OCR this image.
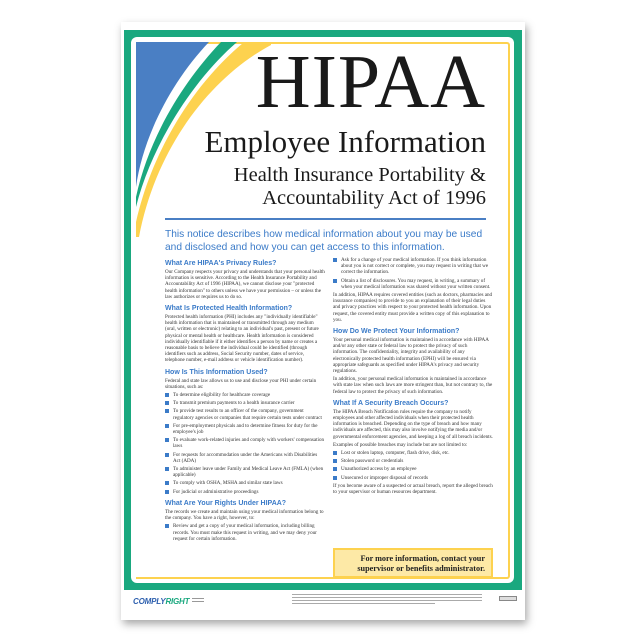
HIPAA
Employee Information
Health Insurance Portability &
Accountability Act of 1996
This notice describes how medical information about you may be used and disclosed and how you can get access to this information.
What Are HIPAA's Privacy Rules?

Our Company respects your privacy and understands that your personal health information is sensitive. According to the Health Insurance Portability and Accountability Act of 1996 (HIPAA), we cannot disclose your "protected health information" to others unless we have your permission – or unless the law authorizes or requires us to do so.

What Is Protected Health Information?

Protected health information (PHI) includes any "individually identifiable" health information that is maintained or transmitted through any medium (oral, written or electronic) relating to an individual's past, present or future physical or mental health or healthcare. Health information is considered individually identifiable if it either identifies a person by name or creates a reasonable basis to believe the individual could be identified (through identifiers such as address, Social Security number, dates of service, telephone number, e-mail address or vehicle identification number).

How Is This Information Used?

Federal and state law allows us to use and disclose your PHI under certain situations, such as:

To determine eligibility for healthcare coverage
To transmit premium payments to a health insurance carrier
To provide test results to an officer of the company, government regulatory agencies or companies that require certain tests under contract
For pre-employment physicals and to determine fitness for duty for the employee's job
To evaluate work-related injuries and comply with workers' compensation laws
For requests for accommodation under the Americans with Disabilities Act (ADA)
To administer leave under Family and Medical Leave Act (FMLA) (when applicable)
To comply with OSHA, MSHA and similar state laws
For judicial or administrative proceedings
What Are Your Rights Under HIPAA?

The records we create and maintain using your medical information belong to the company. You have a right, however, to:

Review and get a copy of your medical information, including billing records. You must make this request in writing, and we may deny your request for certain information.
Ask for a change of your medical information. If you think information about you is not correct or complete, you may request in writing that we correct the information.
Obtain a list of disclosures. You may request, in writing, a summary of when your medical information was shared without your written consent.

In addition, HIPAA requires covered entities (such as doctors, pharmacies and insurance companies) to provide to you an explanation of their legal duties and privacy practices with respect to your protected health information. Upon request, the covered entity must provide a written copy of this explanation to you.

How Do We Protect Your Information?

Your personal medical information is maintained in accordance with HIPAA and/or any other state or federal law to protect the privacy of such information. The confidentiality, integrity and availability of any electronically protected health information (EPHI) will be ensured via appropriate safeguards as specified under HIPAA's privacy and security regulations.

In addition, your personal medical information is maintained in accordance with state law when such laws are more stringent than, but not contrary to, the federal law to protect the privacy of such information.

What If A Security Breach Occurs?

The HIPAA Breach Notification rules require the company to notify employees and other affected individuals when their protected health information is breached. Depending on the type of breach and how many individuals are affected, this may also involve notifying the media and/or governmental enforcement agencies, and keeping a log of all breach incidents.

Examples of possible breaches may include but are not limited to:

Lost or stolen laptop, computer, flash drive, disk, etc.
Stolen password or credentials
Unauthorized access by an employee
Unsecured or improper disposal of records

If you become aware of a suspected or actual breach, report the alleged breach to your supervisor or human resources department.

For more information, contact your supervisor or benefits administrator.
COMPLYRIGHT
